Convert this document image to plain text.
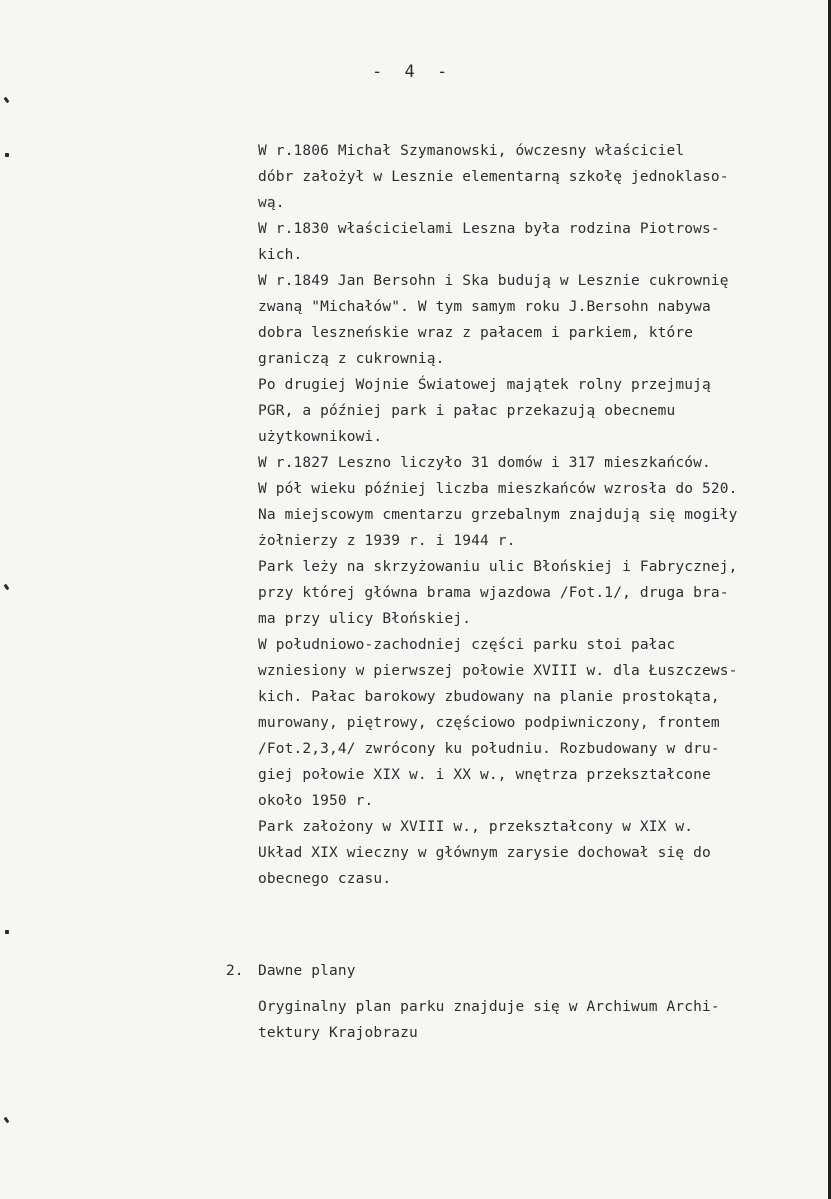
- 4 -
W r.1806 Michał Szymanowski, ówczesny właściciel
dóbr założył w Lesznie elementarną szkołę jednoklaso-
wą.
W r.1830 właścicielami Leszna była rodzina Piotrows-
kich.
W r.1849 Jan Bersohn i Ska budują w Lesznie cukrownię
zwaną "Michałów". W tym samym roku J.Bersohn nabywa
dobra leszneńskie wraz z pałacem i parkiem, które
graniczą z cukrownią.
Po drugiej Wojnie Światowej majątek rolny przejmują
PGR, a później park i pałac przekazują obecnemu
użytkownikowi.
W r.1827 Leszno liczyło 31 domów i 317 mieszkańców.
W pół wieku później liczba mieszkańców wzrosła do 520.
Na miejscowym cmentarzu grzebalnym znajdują się mogiły
żołnierzy z 1939 r. i 1944 r.
Park leży na skrzyżowaniu ulic Błońskiej i Fabrycznej,
przy której główna brama wjazdowa /Fot.1/, druga bra-
ma przy ulicy Błońskiej.
W południowo-zachodniej części parku stoi pałac
wzniesiony w pierwszej połowie XVIII w. dla Łuszczews-
kich. Pałac barokowy zbudowany na planie prostokąta,
murowany, piętrowy, częściowo podpiwniczony, frontem
/Fot.2,3,4/ zwrócony ku południu. Rozbudowany w dru-
giej połowie XIX w. i XX w., wnętrza przekształcone
około 1950 r.
Park założony w XVIII w., przekształcony w XIX w.
Układ XIX wieczny w głównym zarysie dochował się do
obecnego czasu.
2. Dawne plany
Oryginalny plan parku znajduje się w Archiwum Archi-
tektury Krajobrazu
